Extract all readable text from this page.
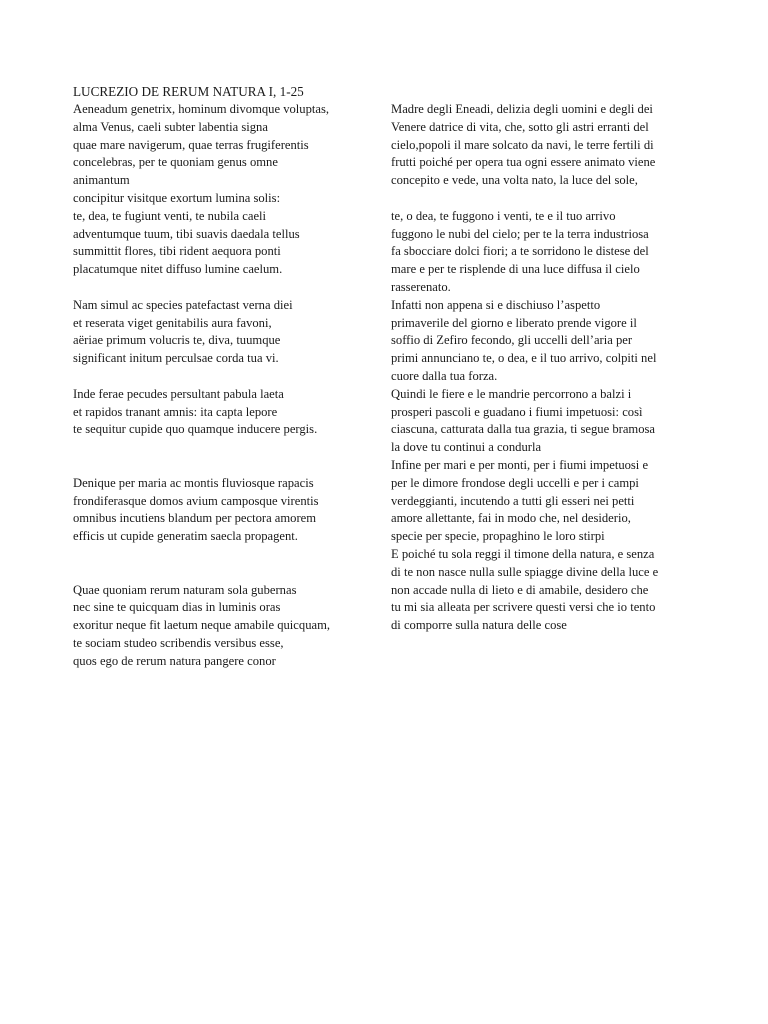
LUCREZIO DE RERUM NATURA I, 1-25
Aeneadum genetrix, hominum divomque voluptas,
alma Venus, caeli subter labentia signa
quae mare navigerum, quae terras frugiferentis
concelebras, per te quoniam genus omne
animantum
concipitur visitque exortum lumina solis:
te, dea, te fugiunt venti, te nubila caeli
adventumque tuum, tibi suavis daedala tellus
summittit flores, tibi rident aequora ponti
placatumque nitet diffuso lumine caelum.
Nam simul ac species patefactast verna diei
et reserata viget genitabilis aura favoni,
aëriae primum volucris te, diva, tuumque
significant initum perculsae corda tua vi.
Inde ferae pecudes persultant pabula laeta
et rapidos tranant amnis: ita capta lepore
te sequitur cupide quo quamque inducere pergis.
Denique per maria ac montis fluviosque rapacis
frondiferasque domos avium camposque virentis
omnibus incutiens blandum per pectora amorem
efficis ut cupide generatim saecla propagent.
Quae quoniam rerum naturam sola gubernas
nec sine te quicquam dias in luminis oras
exoritur neque fit laetum neque amabile quicquam,
te sociam studeo scribendis versibus esse,
quos ego de rerum natura pangere conor
Madre degli Eneadi, delizia degli uomini e degli dei
Venere datrice di vita, che, sotto gli astri erranti del
cielo,popoli il mare solcato da navi, le terre fertili di
frutti poiché per opera tua ogni essere animato viene
concepito e vede, una volta nato, la luce del sole,
te, o dea, te fuggono i venti, te e il tuo arrivo
fuggono le nubi del cielo; per te la terra industriosa
fa sbocciare dolci fiori; a te sorridono le distese del
mare e per te risplende di una luce diffusa il cielo
rasserenato.
Infatti non appena si e dischiuso l’aspetto
primaverile del giorno e liberato prende vigore il
soffio di Zefiro fecondo, gli uccelli dell’aria per
primi annunciano te, o dea, e il tuo arrivo, colpiti nel
cuore dalla tua forza.
Quindi le fiere e le mandrie percorrono a balzi i
prosperi pascoli e guadano i fiumi impetuosi: così
ciascuna, catturata dalla tua grazia, ti segue bramosa
la dove tu continui a condurla
Infine per mari e per monti, per i fiumi impetuosi e
per le dimore frondose degli uccelli e per i campi
verdeggianti, incutendo a tutti gli esseri nei petti
amore allettante, fai in modo che, nel desiderio,
specie per specie, propaghino le loro stirpi
E poiché tu sola reggi il timone della natura, e senza
di te non nasce nulla sulle spiagge divine della luce e
non accade nulla di lieto e di amabile, desidero che
tu mi sia alleata per scrivere questi versi che io tento
di comporre sulla natura delle cose
